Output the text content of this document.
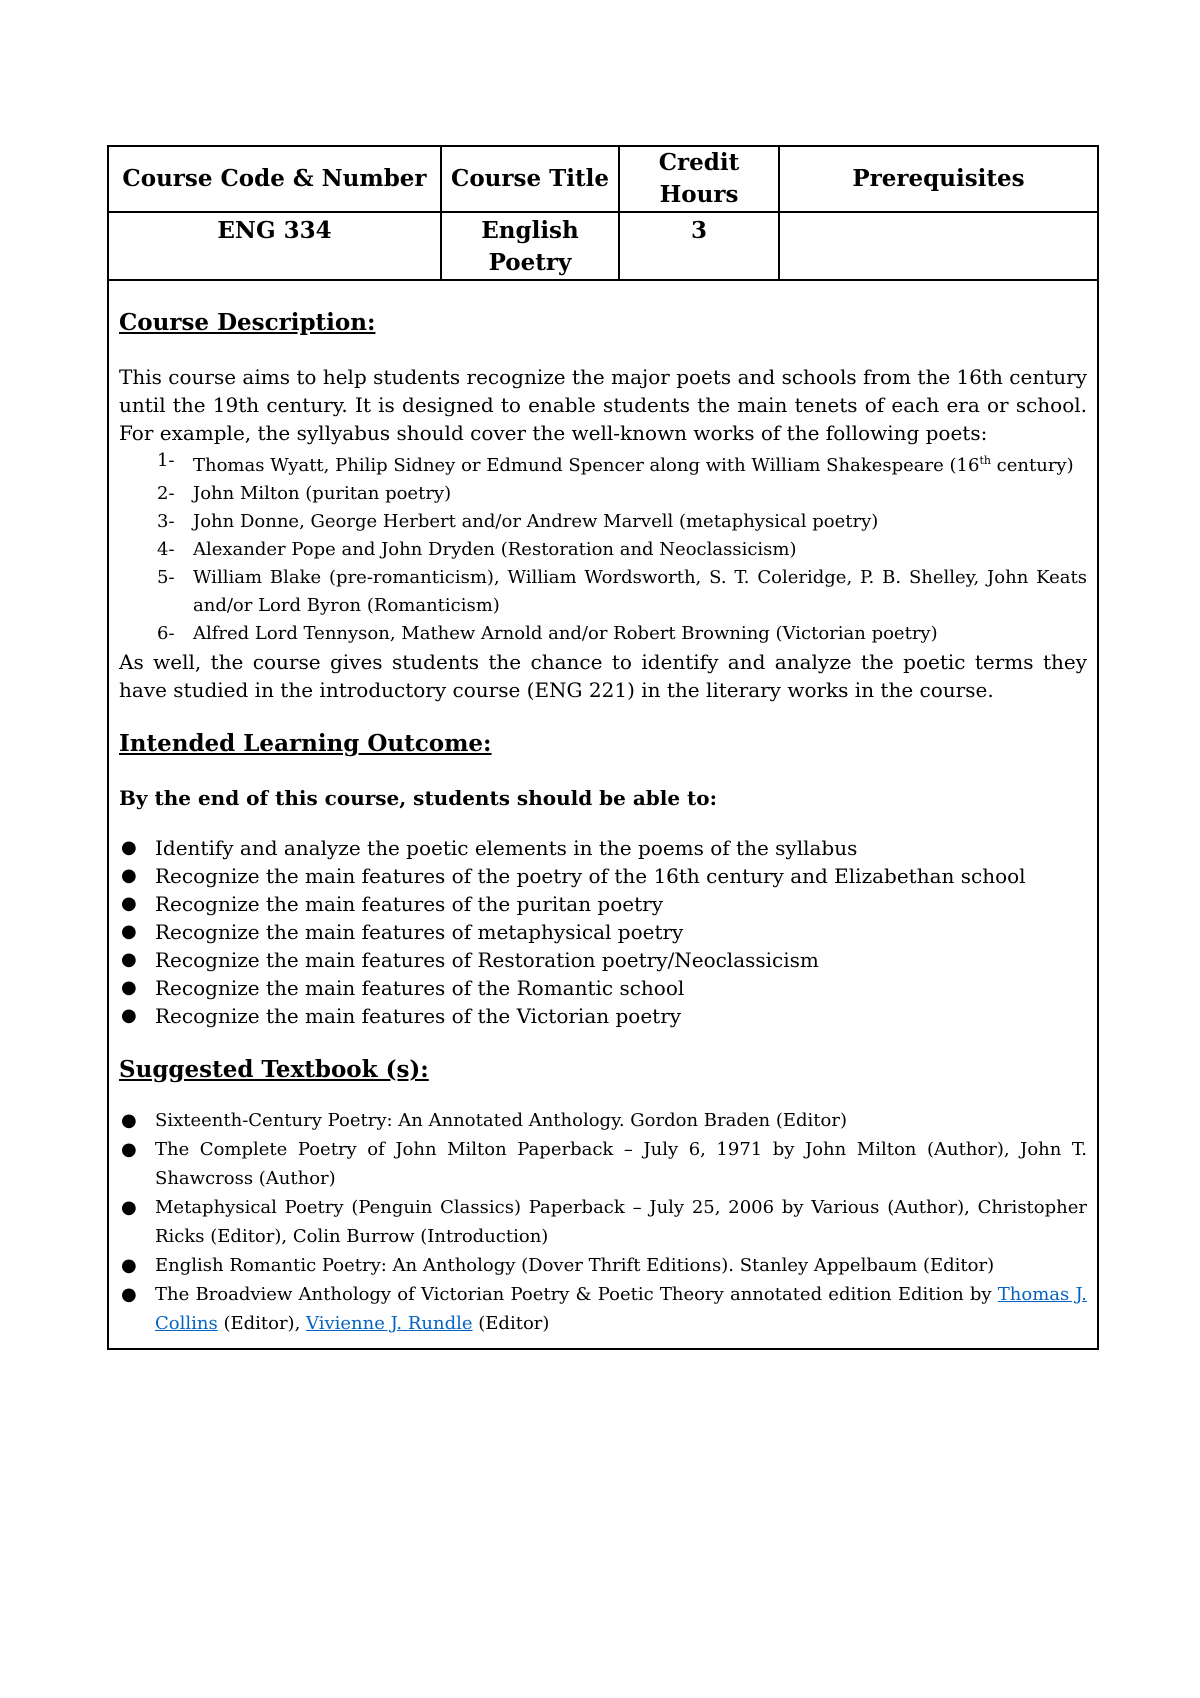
Course Code & Number	Course Title	Credit Hours	Prerequisites
ENG 334	English Poetry	3	
Course Description:

This course aims to help students recognize the major poets and schools from the 16th century until the 19th century. It is designed to enable students the main tenets of each era or school. For example, the syllyabus should cover the well-known works of the following poets:

1- Thomas Wyatt, Philip Sidney or Edmund Spencer along with William Shakespeare (16th century)
2- John Milton (puritan poetry)
3- John Donne, George Herbert and/or Andrew Marvell (metaphysical poetry)
4- Alexander Pope and John Dryden (Restoration and Neoclassicism)
5- William Blake (pre-romanticism), William Wordsworth, S. T. Coleridge, P. B. Shelley, John Keats and/or Lord Byron (Romanticism)
6- Alfred Lord Tennyson, Mathew Arnold and/or Robert Browning (Victorian poetry)

As well, the course gives students the chance to identify and analyze the poetic terms they have studied in the introductory course (ENG 221) in the literary works in the course.

Intended Learning Outcome:

By the end of this course, students should be able to:

● Identify and analyze the poetic elements in the poems of the syllabus
● Recognize the main features of the poetry of the 16th century and Elizabethan school
● Recognize the main features of the puritan poetry
● Recognize the main features of metaphysical poetry
● Recognize the main features of Restoration poetry/Neoclassicism
● Recognize the main features of the Romantic school
● Recognize the main features of the Victorian poetry
Suggested Textbook (s):
● Sixteenth-Century Poetry: An Annotated Anthology. Gordon Braden (Editor)
● The Complete Poetry of John Milton Paperback – July 6, 1971 by John Milton (Author), John T. Shawcross (Author)
● Metaphysical Poetry (Penguin Classics) Paperback – July 25, 2006 by Various (Author), Christopher Ricks (Editor), Colin Burrow (Introduction)
● English Romantic Poetry: An Anthology (Dover Thrift Editions). Stanley Appelbaum (Editor)
● The Broadview Anthology of Victorian Poetry & Poetic Theory annotated edition Edition by Thomas J. Collins (Editor), Vivienne J. Rundle (Editor)
